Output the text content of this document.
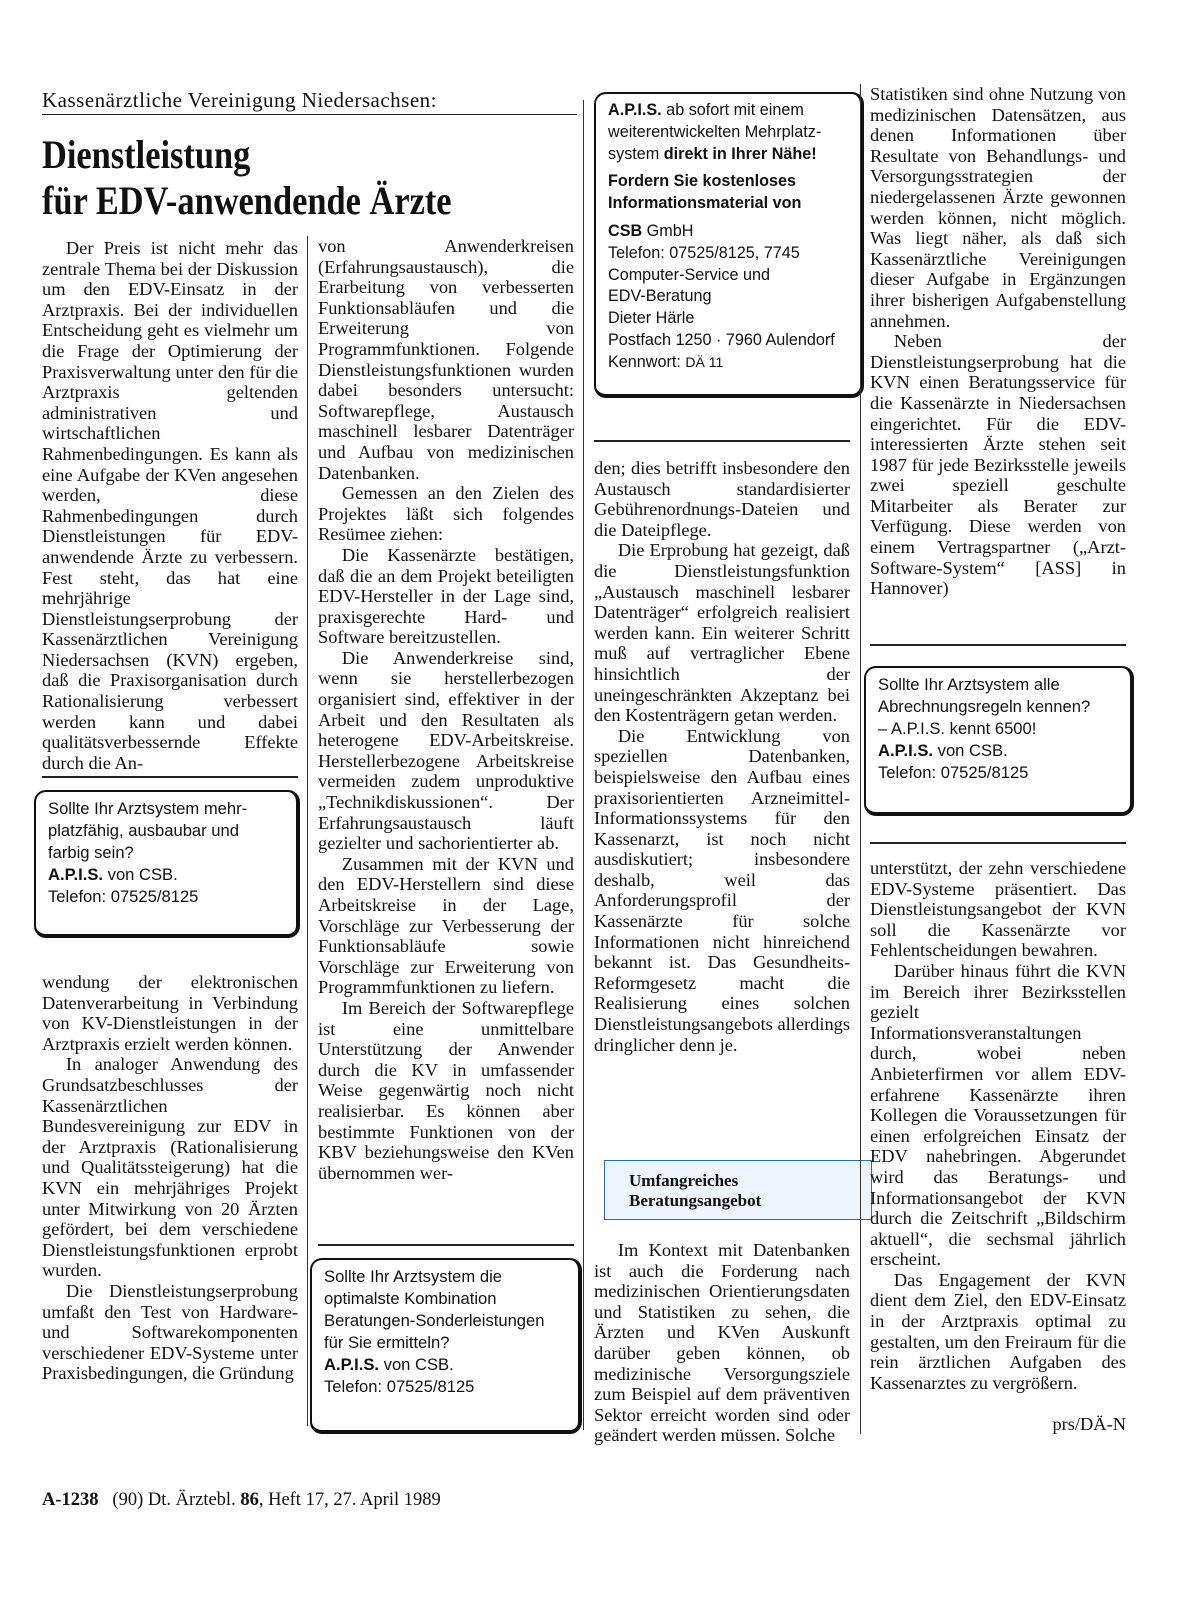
Kassenärztliche Vereinigung Niedersachsen:
Dienstleistung
für EDV-anwendende Ärzte

Der Preis ist nicht mehr das zentrale Thema bei der Diskussion um den EDV-Einsatz in der Arztpraxis. Bei der individuellen Entscheidung geht es vielmehr um die Frage der Optimierung der Praxisverwaltung unter den für die Arztpraxis geltenden administrativen und wirtschaftlichen Rahmenbedingungen. Es kann als eine Aufgabe der KVen angesehen werden, diese Rahmenbedingungen durch Dienstleistungen für EDV-anwendende Ärzte zu verbessern. Fest steht, das hat eine mehrjährige Dienstleistungserprobung der Kassenärztlichen Vereinigung Niedersachsen (KVN) ergeben, daß die Praxisorganisation durch Rationalisierung verbessert werden kann und dabei qualitätsverbessernde Effekte durch die An-

Sollte Ihr Arztsystem mehr-
platzfähig, ausbaubar und
farbig sein?
A.P.I.S. von CSB.
Telefon: 07525/8125

wendung der elektronischen Datenverarbeitung in Verbindung von KV-Dienstleistungen in der Arztpraxis erzielt werden können.

In analoger Anwendung des Grundsatzbeschlusses der Kassenärztlichen Bundesvereinigung zur EDV in der Arztpraxis (Rationalisierung und Qualitätssteigerung) hat die KVN ein mehrjähriges Projekt unter Mitwirkung von 20 Ärzten gefördert, bei dem verschiedene Dienstleistungsfunktionen erprobt wurden.

Die Dienstleistungserprobung umfaßt den Test von Hardware- und Softwarekomponenten verschiedener EDV-Systeme unter Praxisbedingungen, die Gründung

von Anwenderkreisen (Erfahrungsaustausch), die Erarbeitung von verbesserten Funktionsabläufen und die Erweiterung von Programmfunktionen. Folgende Dienstleistungsfunktionen wurden dabei besonders untersucht: Softwarepflege, Austausch maschinell lesbarer Datenträger und Aufbau von medizinischen Datenbanken.

Gemessen an den Zielen des Projektes läßt sich folgendes Resümee ziehen:

Die Kassenärzte bestätigen, daß die an dem Projekt beteiligten EDV-Hersteller in der Lage sind, praxisgerechte Hard- und Software bereitzustellen.

Die Anwenderkreise sind, wenn sie herstellerbezogen organisiert sind, effektiver in der Arbeit und den Resultaten als heterogene EDV-Arbeitskreise. Herstellerbezogene Arbeitskreise vermeiden zudem unproduktive „Technikdiskussionen“. Der Erfahrungsaustausch läuft gezielter und sachorientierter ab.

Zusammen mit der KVN und den EDV-Herstellern sind diese Arbeitskreise in der Lage, Vorschläge zur Verbesserung der Funktionsabläufe sowie Vorschläge zur Erweiterung von Programmfunktionen zu liefern.

Im Bereich der Softwarepflege ist eine unmittelbare Unterstützung der Anwender durch die KV in umfassender Weise gegenwärtig noch nicht realisierbar. Es können aber bestimmte Funktionen von der KBV beziehungsweise den KVen übernommen wer-

Sollte Ihr Arztsystem die
optimalste Kombination
Beratungen-Sonderleistungen
für Sie ermitteln?
A.P.I.S. von CSB.
Telefon: 07525/8125
A.P.I.S. ab sofort mit einem
weiterentwickelten Mehrplatz-
system direkt in Ihrer Nähe!
Fordern Sie kostenloses
Informationsmaterial von
CSB GmbH
Telefon: 07525/8125, 7745
Computer-Service und
EDV-Beratung
Dieter Härle
Postfach 1250 · 7960 Aulendorf
Kennwort: DÄ 11

den; dies betrifft insbesondere den Austausch standardisierter Gebührenordnungs-Dateien und die Dateipflege.

Die Erprobung hat gezeigt, daß die Dienstleistungsfunktion „Austausch maschinell lesbarer Datenträger“ erfolgreich realisiert werden kann. Ein weiterer Schritt muß auf vertraglicher Ebene hinsichtlich der uneingeschränkten Akzeptanz bei den Kostenträgern getan werden.

Die Entwicklung von speziellen Datenbanken, beispielsweise den Aufbau eines praxisorientierten Arzneimittel-Informationssystems für den Kassenarzt, ist noch nicht ausdiskutiert; insbesondere deshalb, weil das Anforderungsprofil der Kassenärzte für solche Informationen nicht hinreichend bekannt ist. Das Gesundheits-Reformgesetz macht die Realisierung eines solchen Dienstleistungsangebots allerdings dringlicher denn je.

Umfangreiches Beratungsangebot

Im Kontext mit Datenbanken ist auch die Forderung nach medizinischen Orientierungsdaten und Statistiken zu sehen, die Ärzten und KVen Auskunft darüber geben können, ob medizinische Versorgungsziele zum Beispiel auf dem präventiven Sektor erreicht worden sind oder geändert werden müssen. Solche

Statistiken sind ohne Nutzung von medizinischen Datensätzen, aus denen Informationen über Resultate von Behandlungs- und Versorgungsstrategien der niedergelassenen Ärzte gewonnen werden können, nicht möglich. Was liegt näher, als daß sich Kassenärztliche Vereinigungen dieser Aufgabe in Ergänzungen ihrer bisherigen Aufgabenstellung annehmen.

Neben der Dienstleistungserprobung hat die KVN einen Beratungsservice für die Kassenärzte in Niedersachsen eingerichtet. Für die EDV-interessierten Ärzte stehen seit 1987 für jede Bezirksstelle jeweils zwei speziell geschulte Mitarbeiter als Berater zur Verfügung. Diese werden von einem Vertragspartner („Arzt-Software-System“ [ASS] in Hannover)

Sollte Ihr Arztsystem alle
Abrechnungsregeln kennen?
– A.P.I.S. kennt 6500!
A.P.I.S. von CSB.
Telefon: 07525/8125

unterstützt, der zehn verschiedene EDV-Systeme präsentiert. Das Dienstleistungsangebot der KVN soll die Kassenärzte vor Fehlentscheidungen bewahren.

Darüber hinaus führt die KVN im Bereich ihrer Bezirksstellen gezielt Informationsveranstaltungen durch, wobei neben Anbieterfirmen vor allem EDV-erfahrene Kassenärzte ihren Kollegen die Voraussetzungen für einen erfolgreichen Einsatz der EDV nahebringen. Abgerundet wird das Beratungs- und Informationsangebot der KVN durch die Zeitschrift „Bildschirm aktuell“, die sechsmal jährlich erscheint.

Das Engagement der KVN dient dem Ziel, den EDV-Einsatz in der Arztpraxis optimal zu gestalten, um den Freiraum für die rein ärztlichen Aufgaben des Kassenarztes zu vergrößern.

prs/DÄ-N
A-1238 (90) Dt. Ärztebl. 86, Heft 17, 27. April 1989
